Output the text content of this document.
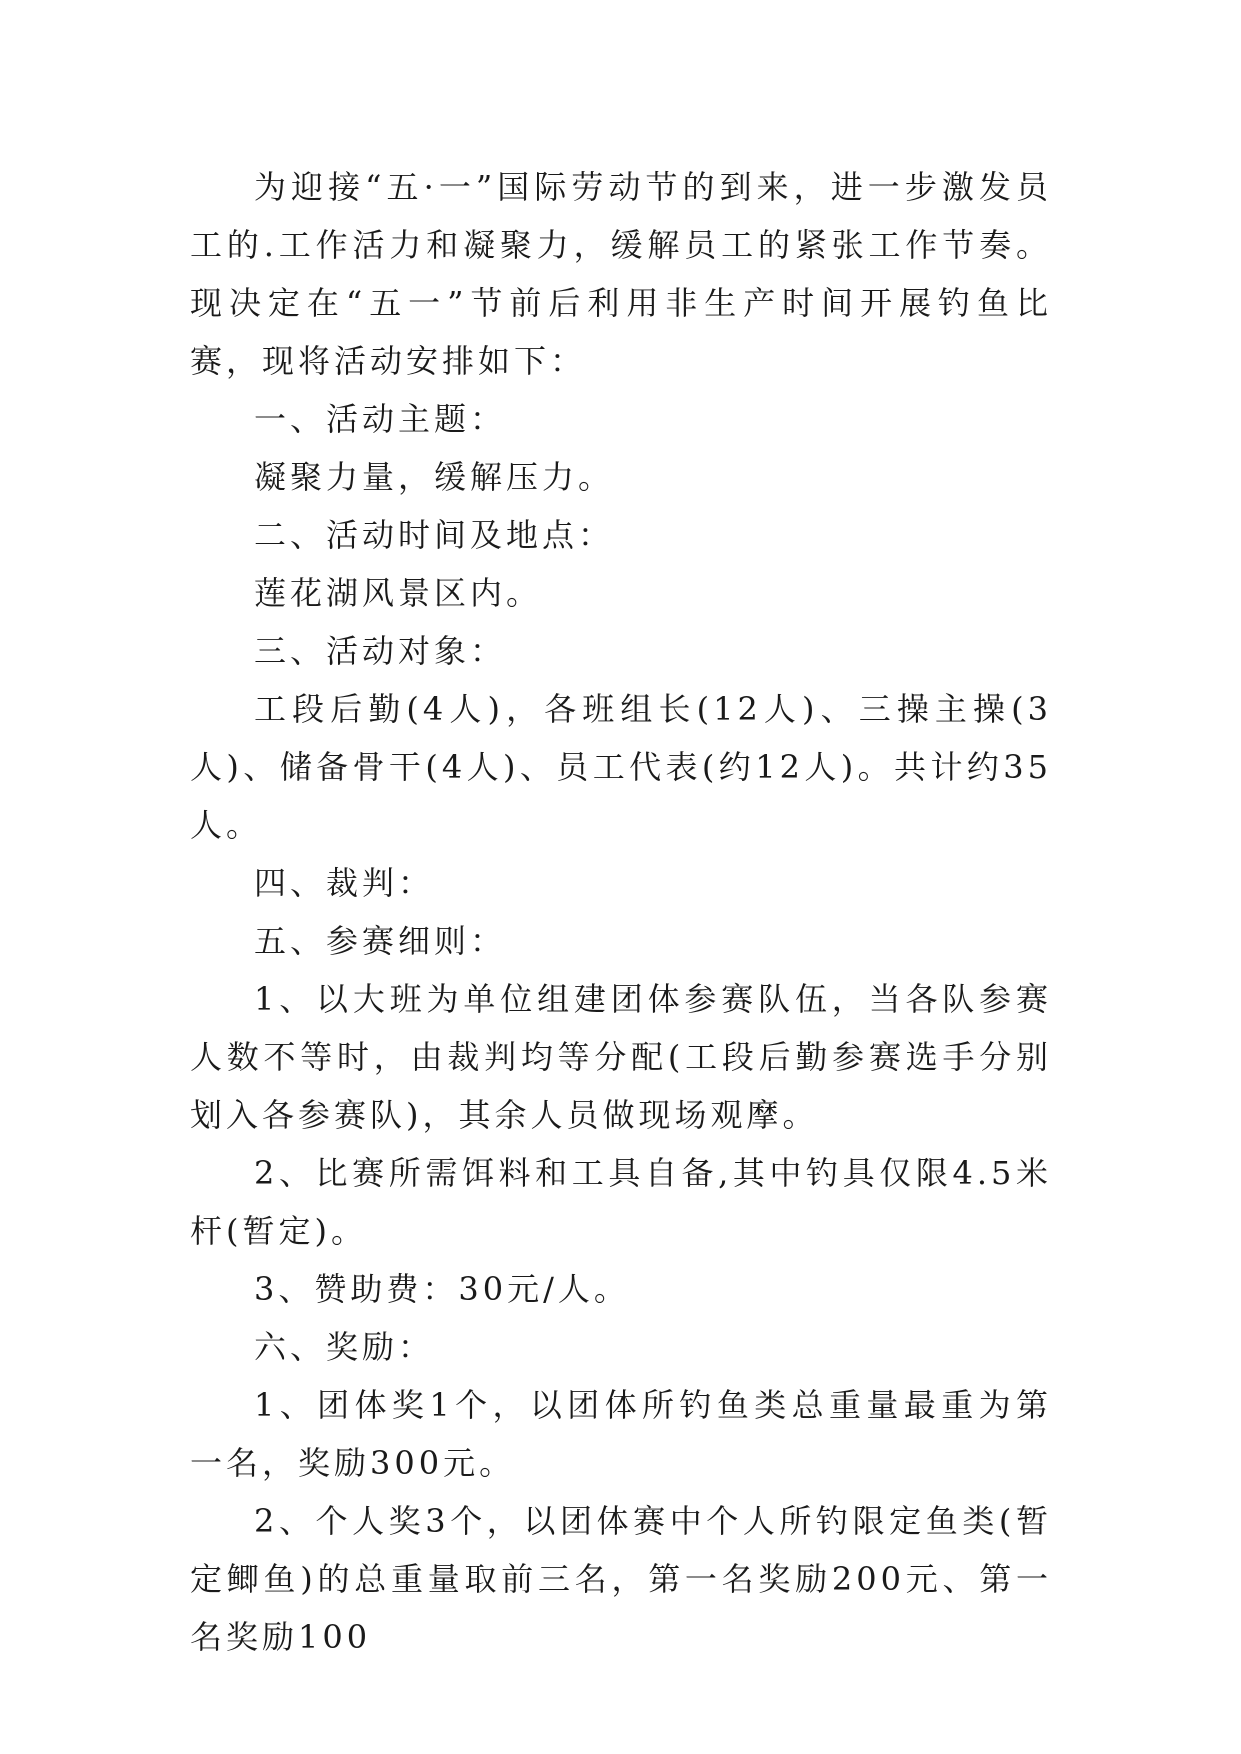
为迎接“五·一”国际劳动节的到来，进一步激发员工的.工作活力和凝聚力，缓解员工的紧张工作节奏。现决定在“五一”节前后利用非生产时间开展钓鱼比赛，现将活动安排如下：

一、活动主题：

凝聚力量，缓解压力。

二、活动时间及地点：

莲花湖风景区内。

三、活动对象：

工段后勤(4人)，各班组长(12人)、三操主操(3人)、储备骨干(4人)、员工代表(约12人)。共计约35人。

四、裁判：

五、参赛细则：

1、以大班为单位组建团体参赛队伍，当各队参赛人数不等时，由裁判均等分配(工段后勤参赛选手分别划入各参赛队)，其余人员做现场观摩。

2、比赛所需饵料和工具自备,其中钓具仅限4.5米杆(暂定)。

3、赞助费：30元/人。

六、奖励：

1、团体奖1个，以团体所钓鱼类总重量最重为第一名，奖励300元。

2、个人奖3个，以团体赛中个人所钓限定鱼类(暂定鲫鱼)的总重量取前三名，第一名奖励200元、第一名奖励100
